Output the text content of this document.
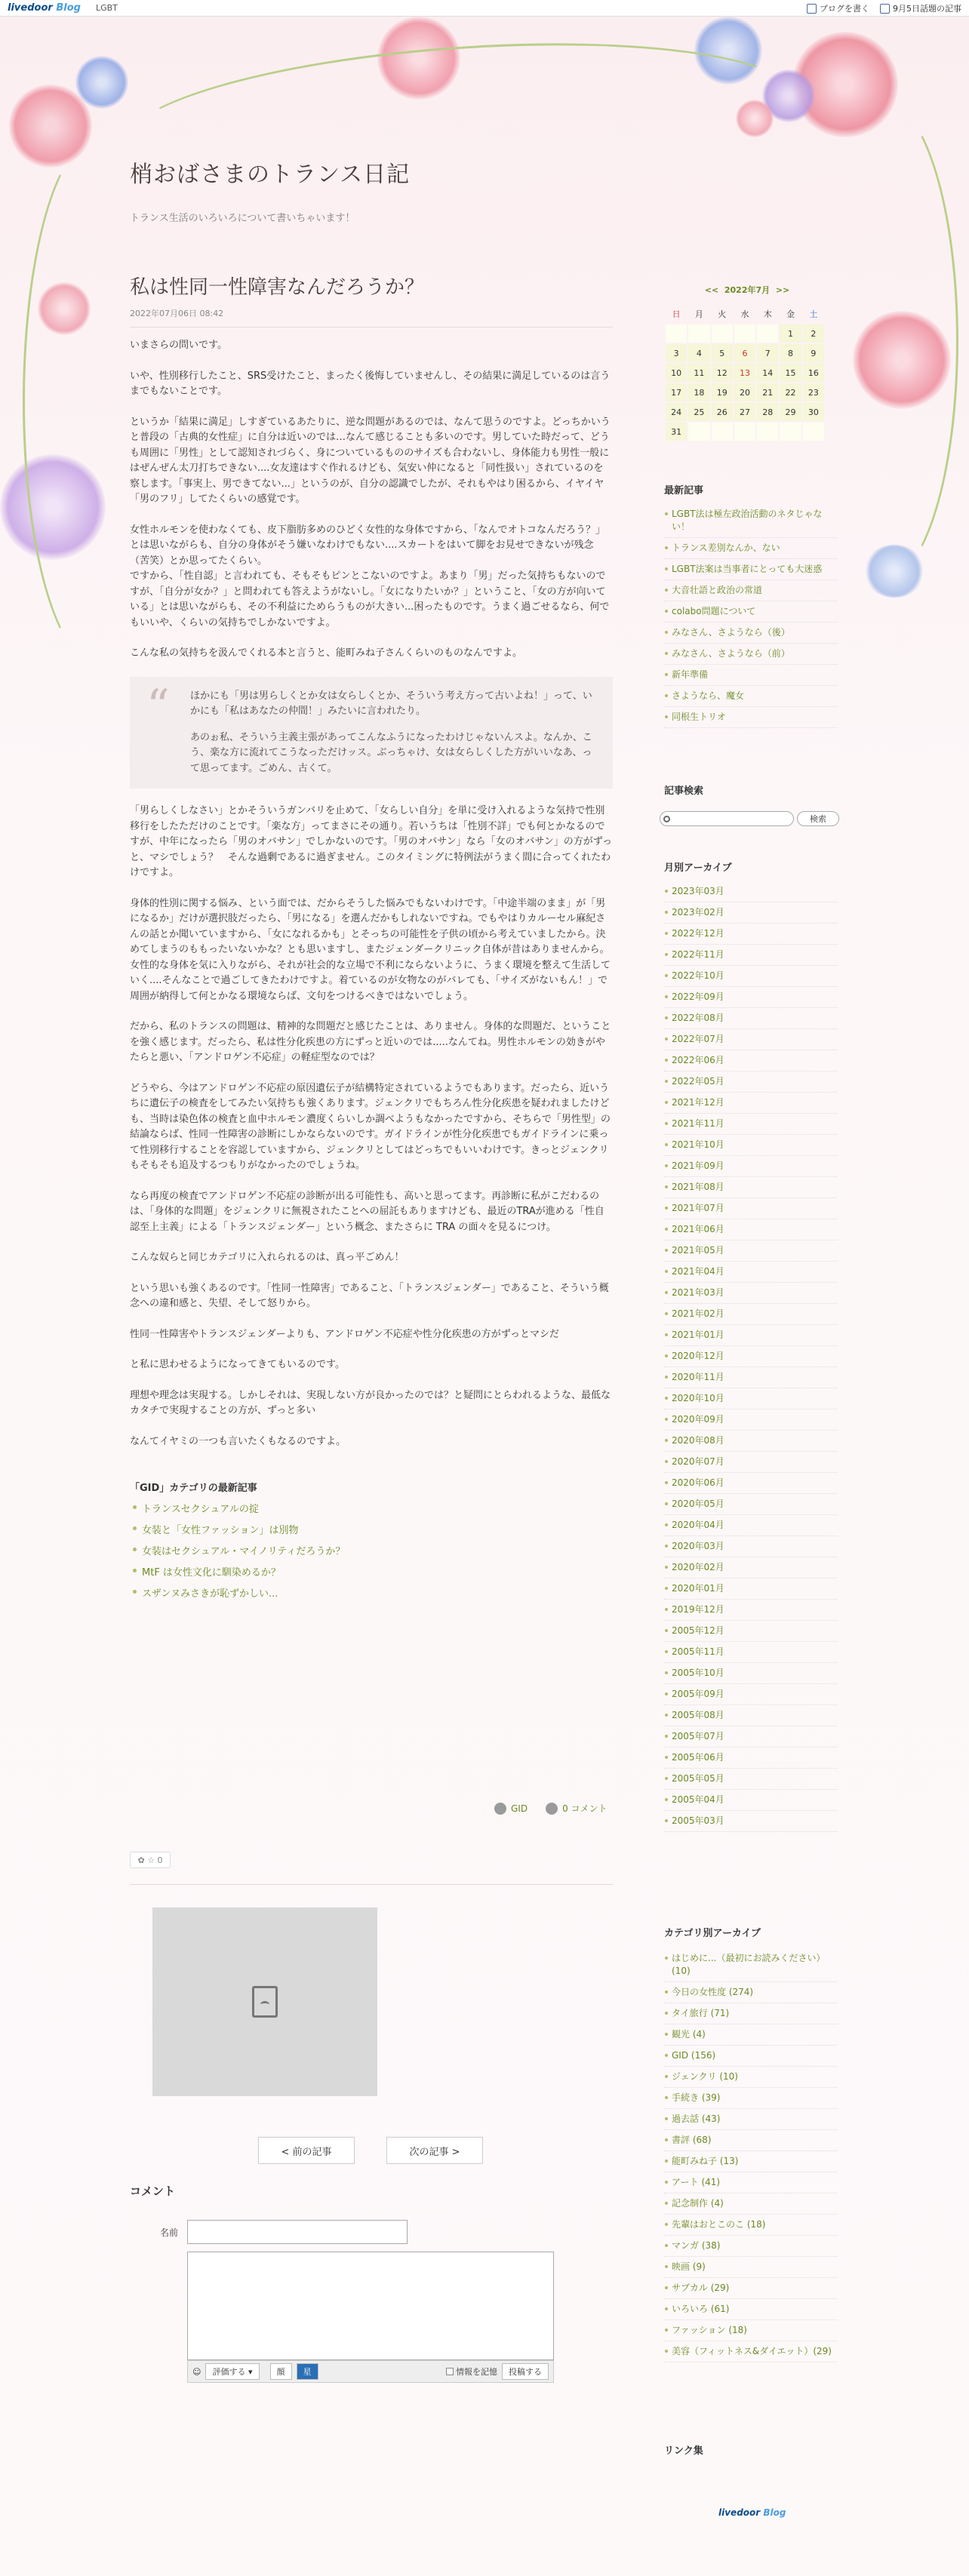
livedoor Blog LGBT	ブログを書く	9月5日話題の記事
梢おばさまのトランス日記
トランス生活のいろいろについて書いちゃいます！
私は性同一性障害なんだろうか？
2022年07月06日 08:42

いまさらの問いです。

いや、性別移行したこと、SRS受けたこと、まったく後悔していませんし、その結果に満足しているのは言うまでもないことです。

というか「結果に満足」しすぎているあたりに、逆な問題があるのでは、なんて思うのですよ。どっちかいうと普段の「古典的女性症」に自分は近いのでは…なんて感じることも多いのです。男していた時だって、どうも周囲に「男性」として認知されづらく、身についているもののサイズも合わないし、身体能力も男性一般にはぜんぜん太刀打ちできない....女友達はすぐ作れるけども、気安い仲になると「同性扱い」されているのを察します。「事実上、男できてない...」というのが、自分の認識でしたが、それもやはり困るから、イヤイヤ「男のフリ」してたくらいの感覚です。

女性ホルモンを使わなくても、皮下脂肪多めのひどく女性的な身体ですから、「なんでオトコなんだろう？」とは思いながらも、自分の身体がそう嫌いなわけでもない....スカートをはいて脚をお見せできないが残念（苦笑）とか思ってたくらい。
ですから、「性自認」と言われても、そもそもピンとこないのですよ。あまり「男」だった気持ちもないのですが、「自分が女か？」と問われても答えようがないし。「女になりたいか？」ということ、「女の方が向いている」とは思いながらも、その不利益にためらうものが大きい...困ったものです。うまく過ごせるなら、何でもいいや、くらいの気持ちでしかないですよ。

こんな私の気持ちを汲んでくれる本と言うと、能町みね子さんくらいのものなんですよ。

“ ほかにも「男は男らしくとか女は女らしくとか、そういう考え方って古いよね！」って、いかにも「私はあなたの仲間！」みたいに言われたり。

あのぉ私、そういう主義主張があってこんなふうになったわけじゃないんスよ。なんか、こう、楽な方に流れてこうなっただけッス。ぶっちゃけ、女は女らしくした方がいいなあ、って思ってます。ごめん、古くて。

「男らしくしなさい」とかそういうガンバリを止めて、「女らしい自分」を単に受け入れるような気持で性別移行をしたただけのことです。「楽な方」ってまさにその通り。若いうちは「性別不詳」でも何とかなるのですが、中年になったら「男のオバサン」でしかないのです。「男のオバサン」なら「女のオバサン」の方がずっと、マシでしょう？　そんな過剰であるに過ぎません。このタイミングに特例法がうまく間に合ってくれたわけですよ。

身体的性別に関する悩み、という面では、だからそうした悩みでもないわけです。「中途半端のまま」が「男になるか」だけが選択肢だったら、「男になる」を選んだかもしれないですね。でもやはりカルーセル麻紀さんの話とか聞いていますから、「女になれるかも」とそっちの可能性を子供の頃から考えていましたから。決めてしまうのももったいないかな？とも思いますし、またジェンダークリニック自体が昔はありませんから。
女性的な身体を気に入りながら、それが社会的な立場で不利にならないように、うまく環境を整えて生活していく....そんなことで過ごしてきたわけですよ。着ているのが女物なのがバレても、「サイズがないもん！」で周囲が納得して何とかなる環境ならば、文句をつけるべきではないでしょう。

だから、私のトランスの問題は、精神的な問題だと感じたことは、ありません。身体的な問題だ、ということを強く感じます。だったら、私は性分化疾患の方にずっと近いのでは.....なんてね。男性ホルモンの効きがやたらと悪い、「アンドロゲン不応症」の軽症型なのでは？

どうやら、今はアンドロゲン不応症の原因遺伝子が結構特定されているようでもあります。だったら、近いうちに遺伝子の検査をしてみたい気持ちも強くあります。ジェンクリでもちろん性分化疾患を疑われましたけども、当時は染色体の検査と血中ホルモン濃度くらいしか調べようもなかったですから、そちらで「男性型」の結論ならば、性同一性障害の診断にしかならないのです。ガイドラインが性分化疾患でもガイドラインに乗って性別移行することを容認していますから、ジェンクリとしてはどっちでもいいわけです。きっとジェンクリもそもそも追及するつもりがなかったのでしょうね。

なら再度の検査でアンドロゲン不応症の診断が出る可能性も、高いと思ってます。再診断に私がこだわるのは、「身体的な問題」をジェンクリに無視されたことへの屈託もありますけども、最近のTRAが進める「性自認至上主義」による「トランスジェンダー」という概念、またさらに TRA の面々を見るにつけ。

こんな奴らと同じカテゴリに入れられるのは、真っ平ごめん！

という思いも強くあるのです。「性同一性障害」であること、「トランスジェンダー」であること、そういう概念への違和感と、失望、そして怒りから。

性同一性障害やトランスジェンダーよりも、アンドロゲン不応症や性分化疾患の方がずっとマシだ

と私に思わせるようになってきてもいるのです。

理想や理念は実現する。しかしそれは、実現しない方が良かったのでは？と疑問にとらわれるような、最低なカタチで実現することの方が、ずっと多い

なんてイヤミの一つも言いたくもなるのですよ。

「GID」カテゴリの最新記事
トランスセクシュアルの掟
女装と「女性ファッション」は別物
女装はセクシュアル・マイノリティだろうか？
MtF は女性文化に馴染めるか？
スザンヌみさきが恥ずかしい...
GID	0 コメント
✿ ☆
0
< 前の記事	次の記事 >
コメント
名前
☺ 評価する ▾	顔	星	情報を記憶	投稿する
<< 2022年7月 >>
日	月	火	水	木	金	土
					1	2
3	4	5	6	7	8	9
10	11	12	13	14	15	16
17	18	19	20	21	22	23
24	25	26	27	28	29	30
31						
最新記事
LGBT法は極左政治活動のネタじゃない！
トランス差別なんか、ない
LGBT法案は当事者にとっても大迷惑
大音壮語と政治の常道
colabo問題について
みなさん、さようなら（後）
みなさん、さようなら（前）
新年準備
さようなら、魔女
同根生トリオ
記事検索
検索
月別アーカイブ
2023年03月
2023年02月
2022年12月
2022年11月
2022年10月
2022年09月
2022年08月
2022年07月
2022年06月
2022年05月
2021年12月
2021年11月
2021年10月
2021年09月
2021年08月
2021年07月
2021年06月
2021年05月
2021年04月
2021年03月
2021年02月
2021年01月
2020年12月
2020年11月
2020年10月
2020年09月
2020年08月
2020年07月
2020年06月
2020年05月
2020年04月
2020年03月
2020年02月
2020年01月
2019年12月
2005年12月
2005年11月
2005年10月
2005年09月
2005年08月
2005年07月
2005年06月
2005年05月
2005年04月
2005年03月
カテゴリ別アーカイブ
はじめに...（最初にお読みください）(10)
今日の女性度 (274)
タイ旅行 (71)
観光 (4)
GID (156)
ジェンクリ (10)
手続き (39)
過去話 (43)
書評 (68)
能町みね子 (13)
アート (41)
記念制作 (4)
先輩はおとこのこ (18)
マンガ (38)
映画 (9)
サブカル (29)
いろいろ (61)
ファッション (18)
美容（フィットネス&ダイエット）(29)
リンク集
livedoor Blog
